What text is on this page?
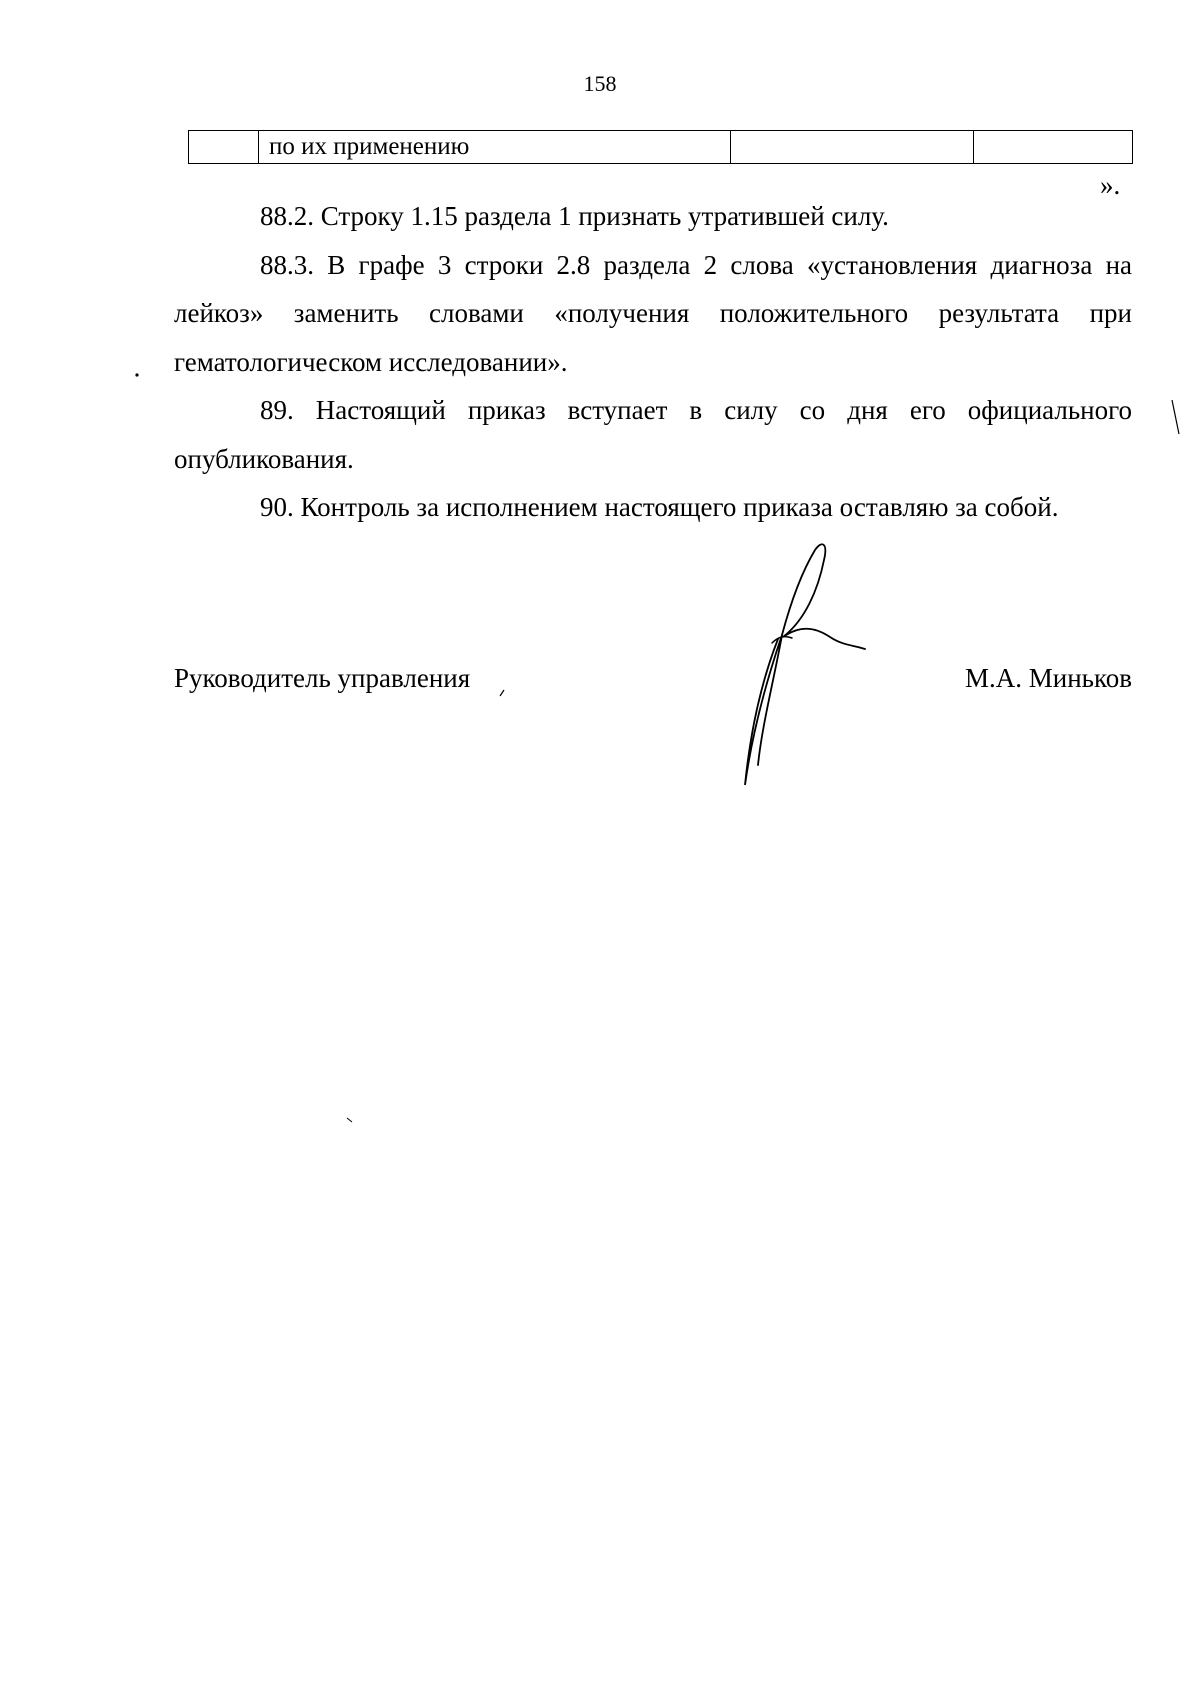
158
	по их применению		
».

88.2. Строку 1.15 раздела 1 признать утратившей силу.

88.3. В графе 3 строки 2.8 раздела 2 слова «установления диагноза на лейкоз» заменить словами «получения положительного результата при гематологическом исследовании».

89. Настоящий приказ вступает в силу со дня его официального опубликования.

90. Контроль за исполнением настоящего приказа оставляю за собой.

Руководитель управления	М.А. Миньков
